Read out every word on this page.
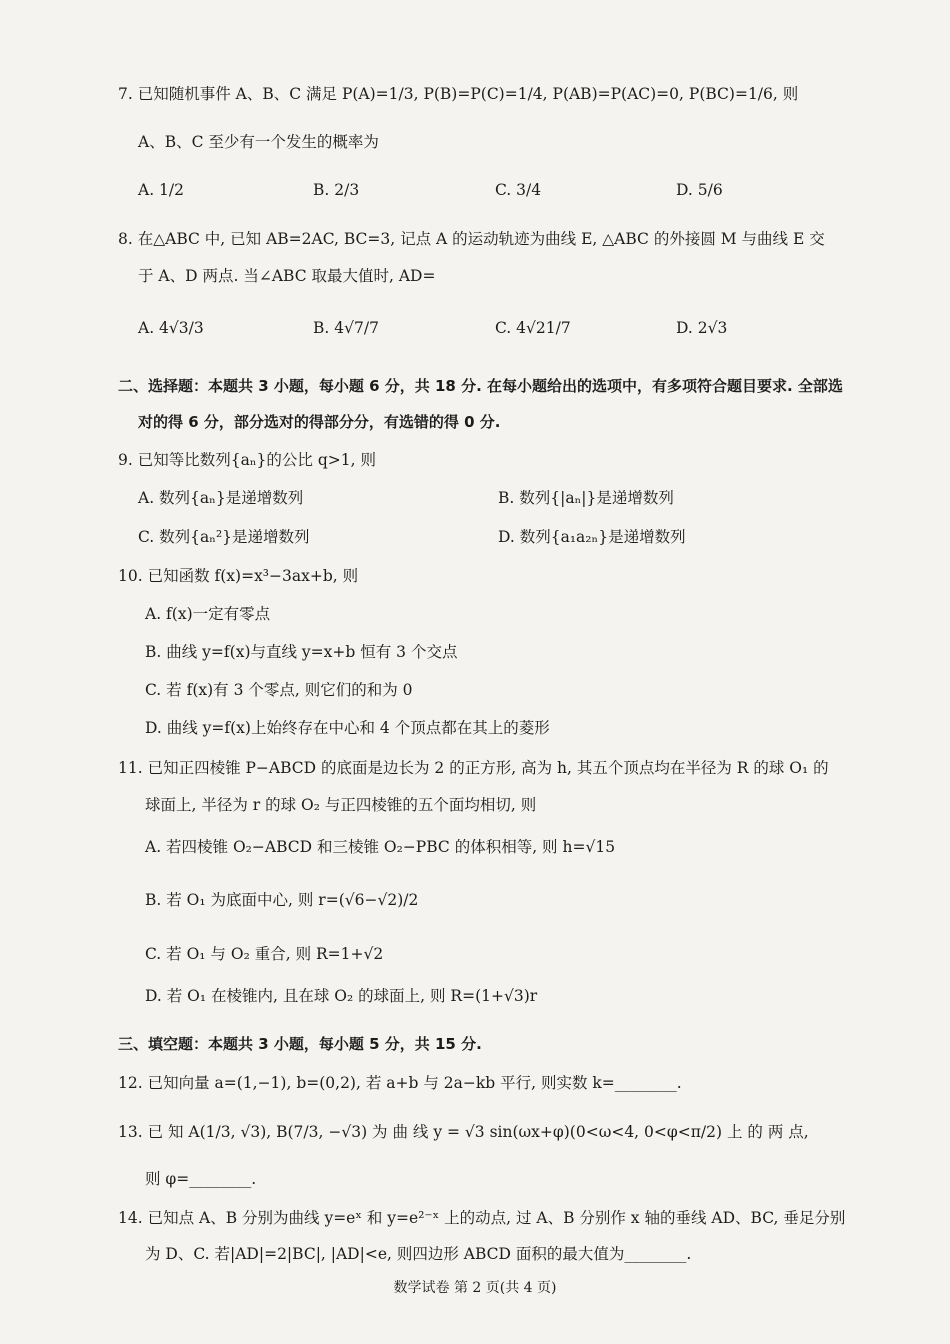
7. 已知随机事件 A、B、C 满足 P(A)=1/3, P(B)=P(C)=1/4, P(AB)=P(AC)=0, P(BC)=1/6, 则
A、B、C 至少有一个发生的概率为
A. 1/2	B. 2/3	C. 3/4	D. 5/6
8. 在△ABC 中, 已知 AB=2AC, BC=3, 记点 A 的运动轨迹为曲线 E, △ABC 的外接圆 M 与曲线 E 交
于 A、D 两点. 当∠ABC 取最大值时, AD=
A. 4√3/3	B. 4√7/7	C. 4√21/7	D. 2√3
二、选择题：本题共 3 小题，每小题 6 分，共 18 分. 在每小题给出的选项中，有多项符合题目要求. 全部选
对的得 6 分，部分选对的得部分分，有选错的得 0 分.
9. 已知等比数列{aₙ}的公比 q>1, 则
A. 数列{aₙ}是递增数列	B. 数列{|aₙ|}是递增数列
C. 数列{aₙ²}是递增数列	D. 数列{a₁a₂ₙ}是递增数列
10. 已知函数 f(x)=x³−3ax+b, 则
A. f(x)一定有零点
B. 曲线 y=f(x)与直线 y=x+b 恒有 3 个交点
C. 若 f(x)有 3 个零点, 则它们的和为 0
D. 曲线 y=f(x)上始终存在中心和 4 个顶点都在其上的菱形
11. 已知正四棱锥 P−ABCD 的底面是边长为 2 的正方形, 高为 h, 其五个顶点均在半径为 R 的球 O₁ 的
球面上, 半径为 r 的球 O₂ 与正四棱锥的五个面均相切, 则
A. 若四棱锥 O₂−ABCD 和三棱锥 O₂−PBC 的体积相等, 则 h=√15
B. 若 O₁ 为底面中心, 则 r=(√6−√2)/2
C. 若 O₁ 与 O₂ 重合, 则 R=1+√2
D. 若 O₁ 在棱锥内, 且在球 O₂ 的球面上, 则 R=(1+√3)r
三、填空题：本题共 3 小题，每小题 5 分，共 15 分.
12. 已知向量 a=(1,−1), b=(0,2), 若 a+b 与 2a−kb 平行, 则实数 k=________.
13. 已 知 A(1/3, √3), B(7/3, −√3) 为 曲 线 y = √3 sin(ωx+φ)(0<ω<4, 0<φ<π/2) 上 的 两 点,
则 φ=________.
14. 已知点 A、B 分别为曲线 y=eˣ 和 y=e²⁻ˣ 上的动点, 过 A、B 分别作 x 轴的垂线 AD、BC, 垂足分别
为 D、C. 若|AD|=2|BC|, |AD|<e, 则四边形 ABCD 面积的最大值为________.
数学试卷 第 2 页(共 4 页)
